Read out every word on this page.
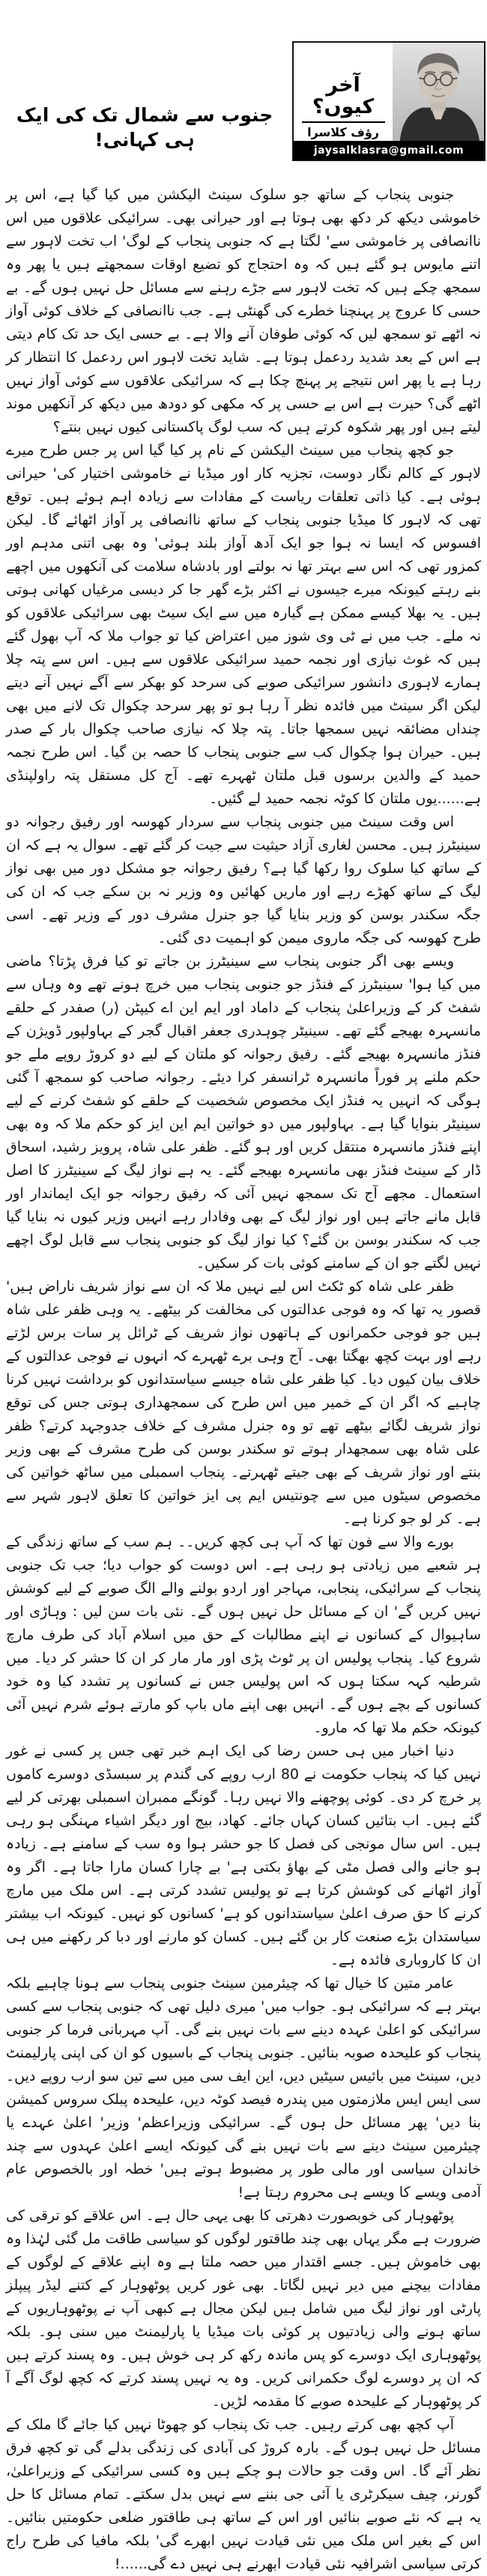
آخر کیوں؟
رؤف کلاسرا
jaysalklasra@gmail.com
جنوب سے شمال تک کی ایک ہی کہانی!

جنوبی پنجاب کے ساتھ جو سلوک سینٹ الیکشن میں کیا گیا ہے، اس پر خاموشی دیکھ کر دکھ بھی ہوتا ہے اور حیرانی بھی۔ سرائیکی علاقوں میں اس ناانصافی پر خاموشی سے' لگتا ہے کہ جنوبی پنجاب کے لوگ' اب تخت لاہور سے اتنے مایوس ہو گئے ہیں کہ وہ احتجاج کو تضیع اوقات سمجھتے ہیں یا پھر وہ سمجھ چکے ہیں کہ تخت لاہور سے جڑے رہنے سے مسائل حل نہیں ہوں گے۔ بے حسی کا عروج پر پہنچنا خطرے کی گھنٹی ہے۔ جب ناانصافی کے خلاف کوئی آواز نہ اٹھے تو سمجھ لیں کہ کوئی طوفان آنے والا ہے۔ بے حسی ایک حد تک کام دیتی ہے اس کے بعد شدید ردعمل ہوتا ہے۔ شاید تخت لاہور اس ردعمل کا انتظار کر رہا ہے یا پھر اس نتیجے پر پہنچ چکا ہے کہ سرائیکی علاقوں سے کوئی آواز نہیں اٹھے گی؟ حیرت ہے اس بے حسی پر کہ مکھی کو دودھ میں دیکھ کر آنکھیں موند لیتے ہیں اور پھر شکوہ کرتے ہیں کہ سب لوگ پاکستانی کیوں نہیں بنتے؟

جو کچھ پنجاب میں سینٹ الیکشن کے نام پر کیا گیا اس پر جس طرح میرے لاہور کے کالم نگار دوست، تجزیہ کار اور میڈیا نے خاموشی اختیار کی' حیرانی ہوئی ہے۔ کیا ذاتی تعلقات ریاست کے مفادات سے زیادہ اہم ہوئے ہیں۔ توقع تھی کہ لاہور کا میڈیا جنوبی پنجاب کے ساتھ ناانصافی پر آواز اٹھائے گا۔ لیکن افسوس کہ ایسا نہ ہوا جو ایک آدھ آواز بلند ہوئی' وہ بھی اتنی مدہم اور کمزور تھی کہ اس سے بہتر تھا نہ بولتے اور بادشاہ سلامت کی آنکھوں میں اچھے بنے رہتے کیونکہ میرے جیسوں نے اکثر بڑے گھر جا کر دیسی مرغیاں کھانی ہوتی ہیں۔ یہ بھلا کیسے ممکن ہے گیارہ میں سے ایک سیٹ بھی سرائیکی علاقوں کو نہ ملے۔ جب میں نے ٹی وی شوز میں اعتراض کیا تو جواب ملا کہ آپ بھول گئے ہیں کہ غوث نیازی اور نجمہ حمید سرائیکی علاقوں سے ہیں۔ اس سے پتہ چلا ہمارے لاہوری دانشور سرائیکی صوبے کی سرحد کو بھکر سے آگے نہیں آنے دیتے لیکن اگر سینٹ میں فائدہ نظر آ رہا ہو تو پھر سرحد چکوال تک لانے میں بھی چنداں مضائقہ نہیں سمجھا جاتا۔ پتہ چلا کہ نیازی صاحب چکوال بار کے صدر ہیں۔ حیران ہوا چکوال کب سے جنوبی پنجاب کا حصہ بن گیا۔ اس طرح نجمہ حمید کے والدین برسوں قبل ملتان ٹھہرے تھے۔ آج کل مستقل پتہ راولپنڈی ہے......یوں ملتان کا کوٹہ نجمہ حمید لے گئیں۔

اس وقت سینٹ میں جنوبی پنجاب سے سردار کھوسہ اور رفیق رجوانہ دو سینیٹرز ہیں۔ محسن لغاری آزاد حیثیت سے جیت کر گئے تھے۔ سوال یہ ہے کہ ان کے ساتھ کیا سلوک روا رکھا گیا ہے؟ رفیق رجوانہ جو مشکل دور میں بھی نواز لیگ کے ساتھ کھڑے رہے اور ماریں کھائیں وہ وزیر نہ بن سکے جب کہ ان کی جگہ سکندر بوسن کو وزیر بنایا گیا جو جنرل مشرف دور کے وزیر تھے۔ اسی طرح کھوسہ کی جگہ ماروی میمن کو اہمیت دی گئی۔

ویسے بھی اگر جنوبی پنجاب سے سینیٹرز بن جاتے تو کیا فرق پڑتا؟ ماضی میں کیا ہوا' سینیٹرز کے فنڈز جو جنوبی پنجاب میں خرچ ہونے تھے وہ وہاں سے شفٹ کر کے وزیراعلیٰ پنجاب کے داماد اور ایم این اے کیپٹن (ر) صفدر کے حلقے مانسہرہ بھیجے گئے تھے۔ سینیٹر چوہدری جعفر اقبال گجر کے بہاولپور ڈویژن کے فنڈز مانسہرہ بھیجے گئے۔ رفیق رجوانہ کو ملتان کے لیے دو کروڑ روپے ملے جو حکم ملنے پر فوراً مانسہرہ ٹرانسفر کرا دیئے۔ رجوانہ صاحب کو سمجھ آ گئی ہوگی کہ انہیں یہ فنڈز ایک مخصوص شخصیت کے حلقے کو شفٹ کرنے کے لیے سینیٹر بنوایا گیا ہے۔ بہاولپور میں دو خواتین ایم این ایز کو حکم ملا کہ وہ بھی اپنے فنڈز مانسہرہ منتقل کریں اور ہو گئے۔ ظفر علی شاہ، پرویز رشید، اسحاق ڈار کے سینٹ فنڈز بھی مانسہرہ بھیجے گئے۔ یہ ہے نواز لیگ کے سینیٹرز کا اصل استعمال۔ مجھے آج تک سمجھ نہیں آئی کہ رفیق رجوانہ جو ایک ایماندار اور قابل مانے جاتے ہیں اور نواز لیگ کے بھی وفادار رہے انہیں وزیر کیوں نہ بنایا گیا جب کہ سکندر بوسن بن گئے؟ کیا نواز لیگ کو جنوبی پنجاب سے قابل لوگ اچھے نہیں لگتے جو ان کے سامنے کوئی بات کر سکیں۔

ظفر علی شاہ کو ٹکٹ اس لیے نہیں ملا کہ ان سے نواز شریف ناراض ہیں' قصور یہ تھا کہ وہ فوجی عدالتوں کی مخالفت کر بیٹھے۔ یہ وہی ظفر علی شاہ ہیں جو فوجی حکمرانوں کے ہاتھوں نواز شریف کے ٹرائل پر سات برس لڑتے رہے اور بہت کچھ بھگتا بھی۔ آج وہی برے ٹھہرے کہ انہوں نے فوجی عدالتوں کے خلاف بیان کیوں دیا۔ کیا ظفر علی شاہ جیسے سیاستدانوں کو برداشت نہیں کرنا چاہیے کہ اگر ان کے خمیر میں اس طرح کی سمجھداری ہوتی جس کی توقع نواز شریف لگائے بیٹھے تھے تو وہ جنرل مشرف کے خلاف جدوجہد کرتے؟ ظفر علی شاہ بھی سمجھدار ہوتے تو سکندر بوسن کی طرح مشرف کے بھی وزیر بنتے اور نواز شریف کے بھی جیتے ٹھہرتے۔ پنجاب اسمبلی میں ساٹھ خواتین کی مخصوص سیٹوں میں سے چونتیس ایم پی ایز خواتین کا تعلق لاہور شہر سے ہے۔ کر لو جو کرنا ہے۔

بورے والا سے فون تھا کہ آپ ہی کچھ کریں۔۔ ہم سب کے ساتھ زندگی کے ہر شعبے میں زیادتی ہو رہی ہے۔ اس دوست کو جواب دیا؛ جب تک جنوبی پنجاب کے سرائیکی، پنجابی، مہاجر اور اردو بولنے والے الگ صوبے کے لیے کوشش نہیں کریں گے' ان کے مسائل حل نہیں ہوں گے۔ نئی بات سن لیں : وہاڑی اور ساہیوال کے کسانوں نے اپنے مطالبات کے حق میں اسلام آباد کی طرف مارچ شروع کیا۔ پنجاب پولیس ان پر ٹوٹ پڑی اور مار مار کر ان کا حشر کر دیا۔ میں شرطیہ کہہ سکتا ہوں کہ اس پولیس جس نے کسانوں پر تشدد کیا وہ خود کسانوں کے بچے ہوں گے۔ انہیں بھی اپنے ماں باپ کو مارتے ہوئے شرم نہیں آئی کیونکہ حکم ملا تھا کہ مارو۔

دنیا اخبار میں ہی حسن رضا کی ایک اہم خبر تھی جس پر کسی نے غور نہیں کیا کہ پنجاب حکومت نے 80 ارب روپے کی گندم پر سبسڈی دوسرے کاموں پر خرچ کر دی۔ کوئی پوچھنے والا نہیں رہا۔ گونگے ممبران اسمبلی بھرتی کر لیے گئے ہیں۔ اب بتائیں کسان کہاں جائے۔ کھاد، بیج اور دیگر اشیاء مہنگی ہو رہی ہیں۔ اس سال مونجی کی فصل کا جو حشر ہوا وہ سب کے سامنے ہے۔ زیادہ ہو جانے والی فصل مٹی کے بھاؤ بکتی ہے' بے چارا کسان مارا جاتا ہے۔ اگر وہ آواز اٹھانے کی کوشش کرتا ہے تو پولیس تشدد کرتی ہے۔ اس ملک میں مارچ کرنے کا حق صرف اعلیٰ سیاستدانوں کو ہے' کسانوں کو نہیں۔ کیونکہ اب بیشتر سیاستدان بڑے صنعت کار بن گئے ہیں۔ کسان کو مارنے اور دبا کر رکھنے میں ہی ان کا کاروباری فائدہ ہے۔

عامر متین کا خیال تھا کہ چیئرمین سینٹ جنوبی پنجاب سے ہونا چاہیے بلکہ بہتر ہے کہ سرائیکی ہو۔ جواب میں' میری دلیل تھی کہ جنوبی پنجاب سے کسی سرائیکی کو اعلیٰ عہدہ دینے سے بات نہیں بنے گی۔ آپ مہربانی فرما کر جنوبی پنجاب کو علیحدہ صوبہ بنائیں۔ جنوبی پنجاب کے باسیوں کو ان کی اپنی پارلیمنٹ دیں، سینٹ میں بائیس سیٹیں دیں، این ایف سی میں سے تین سو ارب روپے دیں۔ سی ایس ایس ملازمتوں میں پندرہ فیصد کوٹہ دیں، علیحدہ پبلک سروس کمیشن بنا دیں' پھر مسائل حل ہوں گے۔ سرائیکی وزیراعظم' وزیر' اعلیٰ عہدے یا چیئرمین سینٹ دینے سے بات نہیں بنے گی کیونکہ ایسے اعلیٰ عہدوں سے چند خاندان سیاسی اور مالی طور پر مضبوط ہوتے ہیں' خطہ اور بالخصوص عام آدمی ویسے کا ویسے ہی محروم رہتا ہے!

پوٹھوہار کی خوبصورت دھرتی کا بھی یہی حال ہے۔ اس علاقے کو ترقی کی ضرورت ہے مگر یہاں بھی چند طاقتور لوگوں کو سیاسی طاقت مل گئی لہٰذا وہ بھی خاموش ہیں۔ جسے اقتدار میں حصہ ملتا ہے وہ اپنے علاقے کے لوگوں کے مفادات بیچنے میں دیر نہیں لگاتا۔ بھی غور کریں پوٹھوہار کے کتنے لیڈر پیپلز پارٹی اور نواز لیگ میں شامل ہیں لیکن مجال ہے کبھی آپ نے پوٹھوہاریوں کے ساتھ ہونے والی زیادتیوں پر کوئی بات میڈیا یا پارلیمنٹ میں سنی ہو۔ بلکہ پوٹھوہاری ایک دوسرے کو پس ماندہ رکھ کر ہی خوش ہیں۔ وہ پسند کرتے ہیں کہ ان پر دوسرے لوگ حکمرانی کریں۔ وہ یہ نہیں پسند کرتے کہ کچھ لوگ آگے آ کر پوٹھوہار کے علیحدہ صوبے کا مقدمہ لڑیں۔

آپ کچھ بھی کرتے رہیں۔ جب تک پنجاب کو چھوٹا نہیں کیا جائے گا ملک کے مسائل حل نہیں ہوں گے۔ بارہ کروڑ کی آبادی کی زندگی بدلے گی تو کچھ فرق نظر آئے گا۔ اس وقت جو حالات ہو چکے ہیں وہ کسی سرائیکی کے وزیراعلیٰ، گورنر، چیف سیکرٹری یا آئی جی بننے سے نہیں بدل سکتے۔ تمام مسائل کا حل یہ ہے کہ نئے صوبے بنائیں اور اس کے ساتھ ہی طاقتور ضلعی حکومتیں بنائیں۔ اس کے بغیر اس ملک میں نئی قیادت نہیں ابھرے گی' بلکہ مافیا کی طرح راج کرتی سیاسی اشرافیہ نئی قیادت ابھرنے ہی نہیں دے گی......!
